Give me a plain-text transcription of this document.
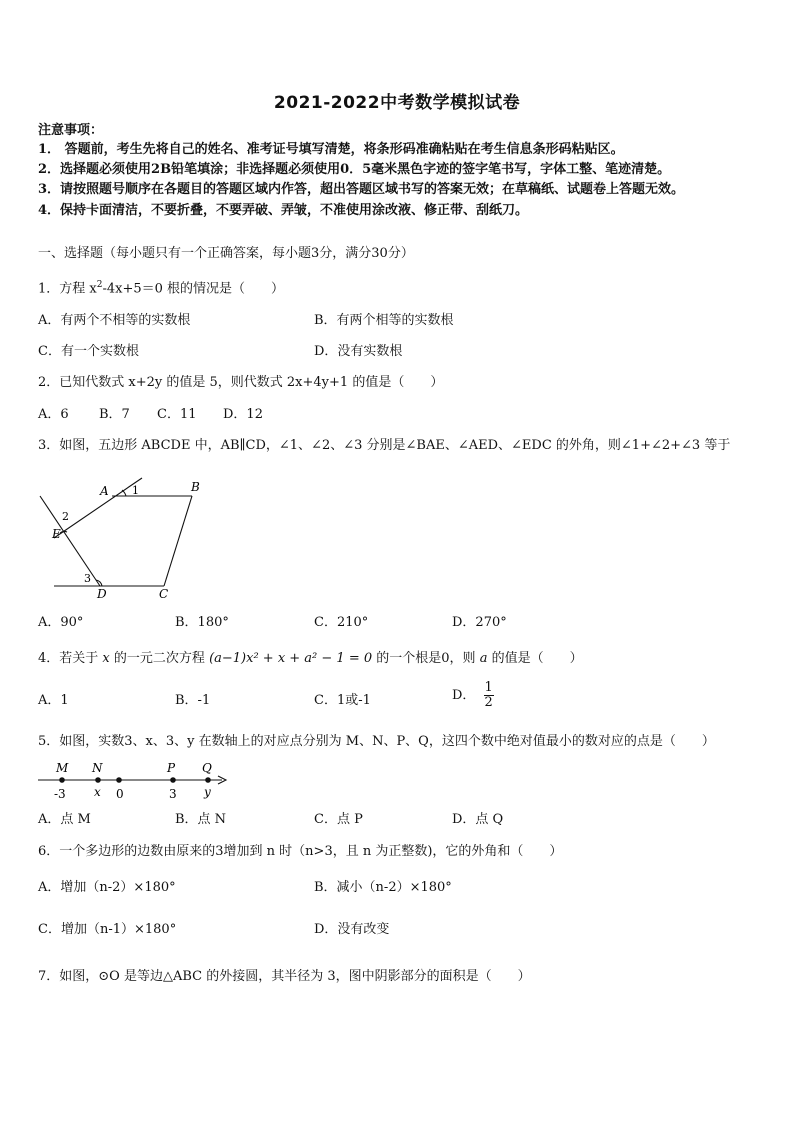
2021-2022中考数学模拟试卷
注意事项：
1． 答题前，考生先将自己的姓名、准考证号填写清楚，将条形码准确粘贴在考生信息条形码粘贴区。
2．选择题必须使用2B铅笔填涂；非选择题必须使用0．5毫米黑色字迹的签字笔书写，字体工整、笔迹清楚。
3．请按照题号顺序在各题目的答题区域内作答，超出答题区域书写的答案无效；在草稿纸、试题卷上答题无效。
4．保持卡面清洁，不要折叠，不要弄破、弄皱，不准使用涂改液、修正带、刮纸刀。
一、选择题（每小题只有一个正确答案，每小题3分，满分30分）
1．方程 $x^2-4x+5=0$ 根的情况是（　　）
A．有两个不相等的实数根	B．有两个相等的实数根
C．有一个实数根	D．没有实数根
2．已知代数式 x+2y 的值是 5，则代数式 2x+4y+1 的值是（　　）
A．6 B．7 C．11 D．12
3．如图，五边形 ABCDE 中，AB∥CD，∠1、∠2、∠3 分别是∠BAE、∠AED、∠EDC 的外角，则∠1+∠2+∠3 等于
A	B
C
D
E
1
2
3
A．90°	B．180°	C．210°	D．270°
4．若关于 x 的一元二次方程 (a−1)x² + x + a² − 1 = 0 的一个根是0，则 a 的值是（　　）
A．1	B．-1	C．1或-1	D． $\frac{1}{2}$
5．如图，实数3、x、3、y 在数轴上的对应点分别为 M、N、P、Q，这四个数中绝对值最小的数对应的点是（　　）
M N	P Q
-3 x 0	3 y
A．点 M	B．点 N	C．点 P	D．点 Q
6．一个多边形的边数由原来的3增加到 n 时（n>3，且 n 为正整数)，它的外角和（　　）
A．增加（n-2）×180°	B．减小（n-2）×180°
C．增加（n-1）×180°	D．没有改变
7．如图，⊙O 是等边△ABC 的外接圆，其半径为 3，图中阴影部分的面积是（　　）
